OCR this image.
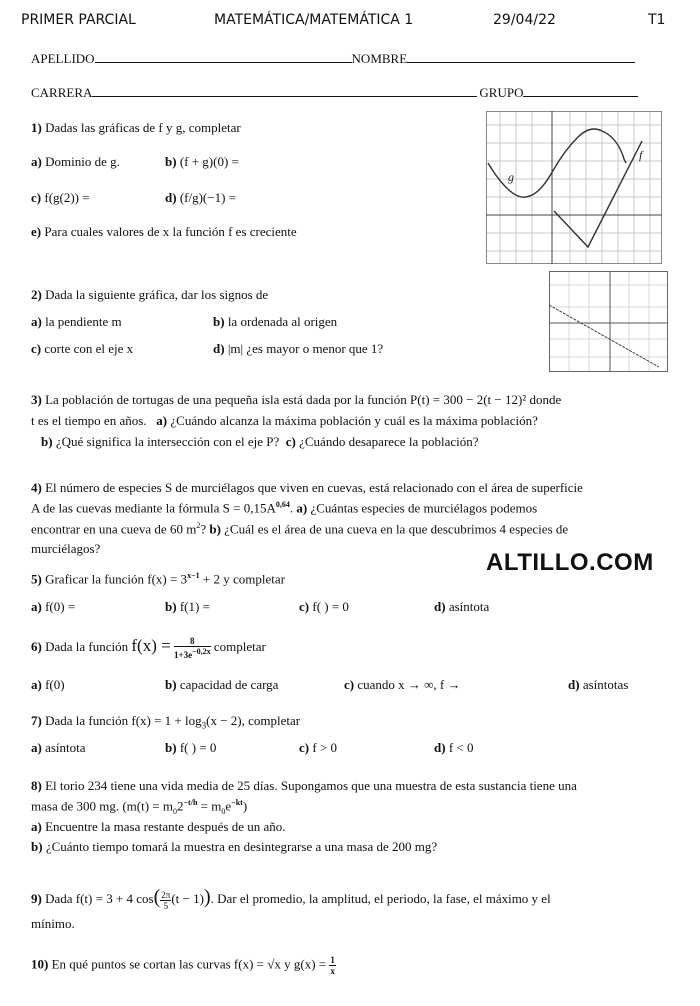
PRIMER PARCIAL	MATEMÁTICA/MATEMÁTICA 1	29/04/22	T1
APELLIDO	NOMBRE
CARRERA	GRUPO
1) Dadas las gráficas de f y g, completar
a) Dominio de g.	b) (f + g)(0) =
c) f(g(2)) =	d) (f/g)(−1) =
e) Para cuales valores de x la función f es creciente
g
f
2) Dada la siguiente gráfica, dar los signos de
a) la pendiente m	b) la ordenada al origen
c) corte con el eje x	d) |m| ¿es mayor o menor que 1?
3) La población de tortugas de una pequeña isla está dada por la función P(t) = 300 − 2(t − 12)² donde
t es el tiempo en años. a) ¿Cuándo alcanza la máxima población y cuál es la máxima población?
b) ¿Qué significa la intersección con el eje P? c) ¿Cuándo desaparece la población?
4) El número de especies S de murciélagos que viven en cuevas, está relacionado con el área de superficie
A de las cuevas mediante la fórmula $S = 0,15A^{0,64}$. a) ¿Cuántas especies de murciélagos podemos
encontrar en una cueva de 60 $m^2$? b) ¿Cuál es el área de una cueva en la que descubrimos 4 especies de
murciélagos?
ALTILLO.COM
5) Graficar la función $f(x) = 3^{x-1} + 2$ y completar
a) f(0) =	b) f(1) =	c) f( ) = 0	d) asíntota
6) Dada la función $f(x) = \frac{8}{1+3e^{-0,2x}}$ completar
a) f(0)	b) capacidad de carga	c) cuando x → ∞, f →	d) asíntotas
7) Dada la función $f(x) = 1 + \log_3(x - 2)$, completar
a) asíntota	b) f( ) = 0	c) f > 0	d) f < 0
8) El torio 234 tiene una vida media de 25 días. Supongamos que una muestra de esta sustancia tiene una
masa de 300 mg. $(m(t) = m_02^{-t/h} = m_0e^{-kt})$
a) Encuentre la masa restante después de un año.
b) ¿Cuánto tiempo tomará la muestra en desintegrarse a una masa de 200 mg?
9) Dada f(t) = 3 + 4 $\cos( \frac{2\pi}{5} (t - 1))$. Dar el promedio, la amplitud, el periodo, la fase, el máximo y el
mínimo.
10) En qué puntos se cortan las curvas f(x) = √x y $g(x) = \frac{1}{x}$
